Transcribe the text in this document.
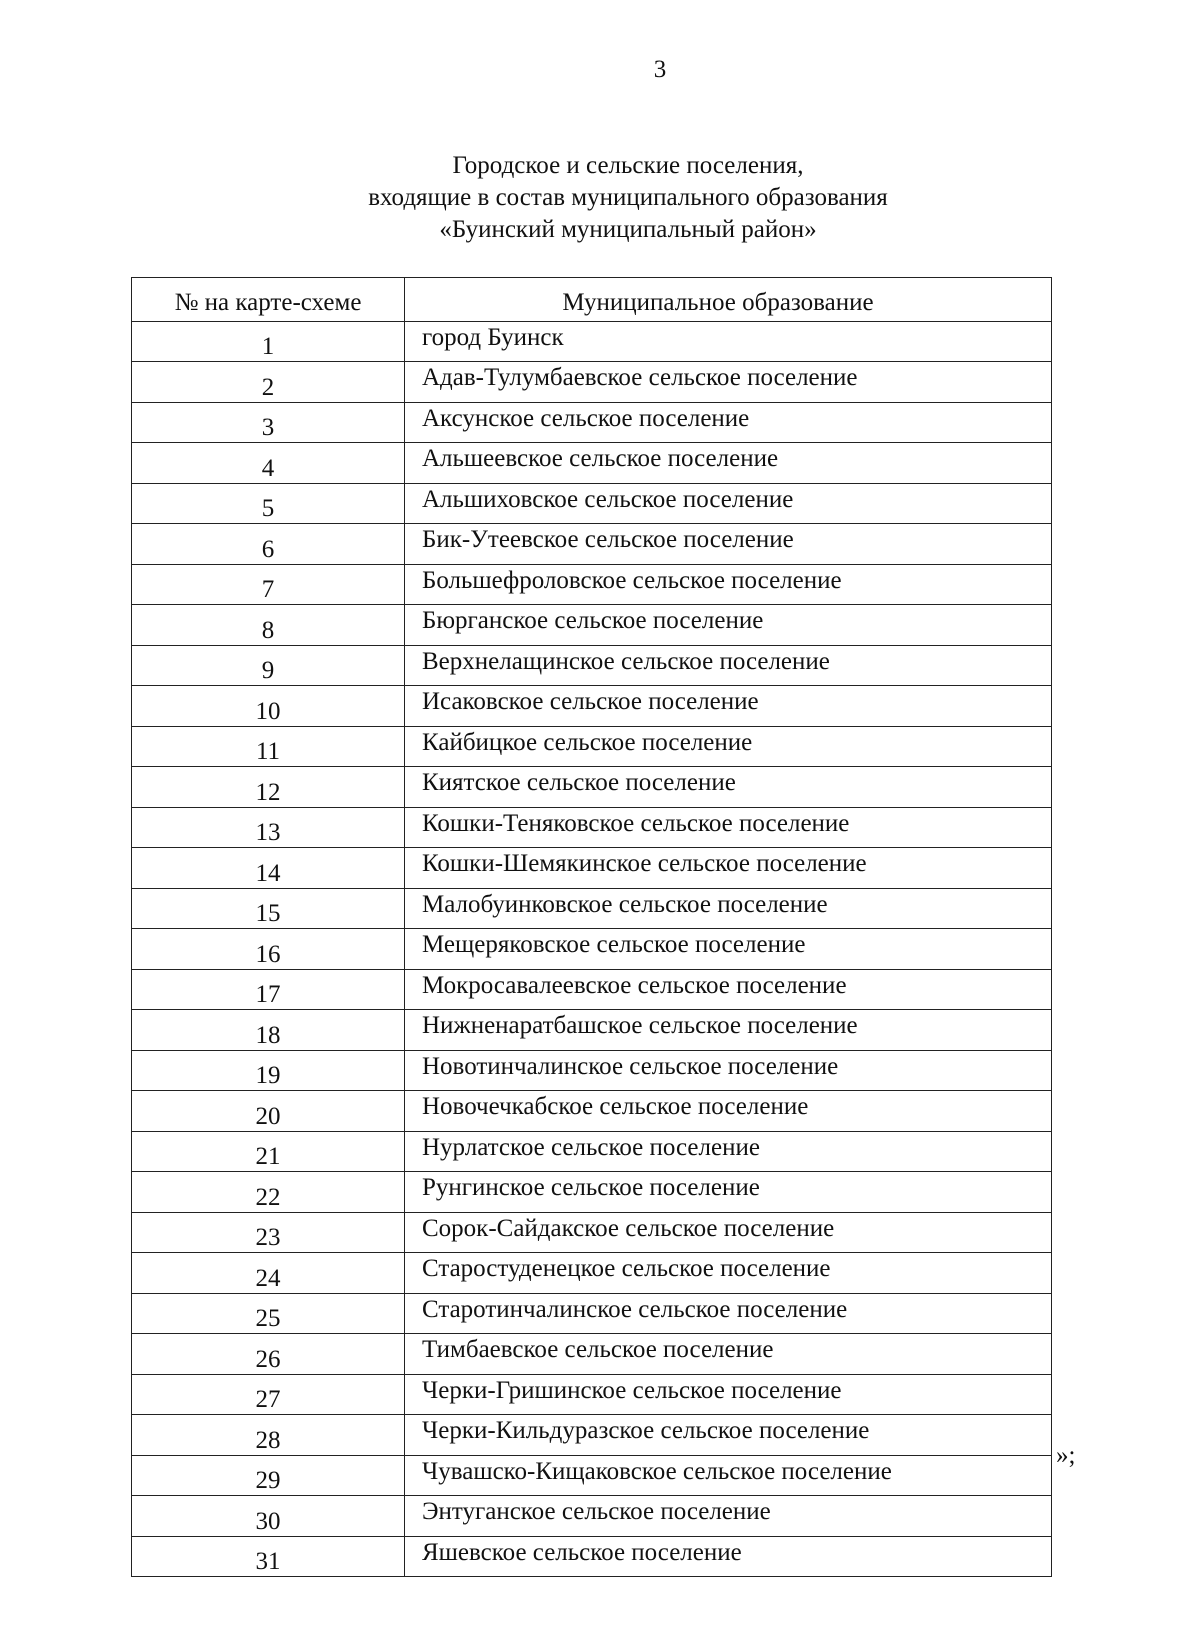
3
Городское и сельские поселения,
входящие в состав муниципального образования
«Буинский муниципальный район»
№ на карте-схеме	Муниципальное образование
1	город Буинск
2	Адав-Тулумбаевское сельское поселение
3	Аксунское сельское поселение
4	Альшеевское сельское поселение
5	Альшиховское сельское поселение
6	Бик-Утеевское сельское поселение
7	Большефроловское сельское поселение
8	Бюрганское сельское поселение
9	Верхнелащинское сельское поселение
10	Исаковское сельское поселение
11	Кайбицкое сельское поселение
12	Киятское сельское поселение
13	Кошки-Теняковское сельское поселение
14	Кошки-Шемякинское сельское поселение
15	Малобуинковское сельское поселение
16	Мещеряковское сельское поселение
17	Мокросавалеевское сельское поселение
18	Нижненаратбашское сельское поселение
19	Новотинчалинское сельское поселение
20	Новочечкабское сельское поселение
21	Нурлатское сельское поселение
22	Рунгинское сельское поселение
23	Сорок-Сайдакское сельское поселение
24	Старостуденецкое сельское поселение
25	Старотинчалинское сельское поселение
26	Тимбаевское сельское поселение
27	Черки-Гришинское сельское поселение
28	Черки-Кильдуразское сельское поселение
29	Чувашско-Кищаковское сельское поселение
30	Энтуганское сельское поселение
31	Яшевское сельское поселение
»;
